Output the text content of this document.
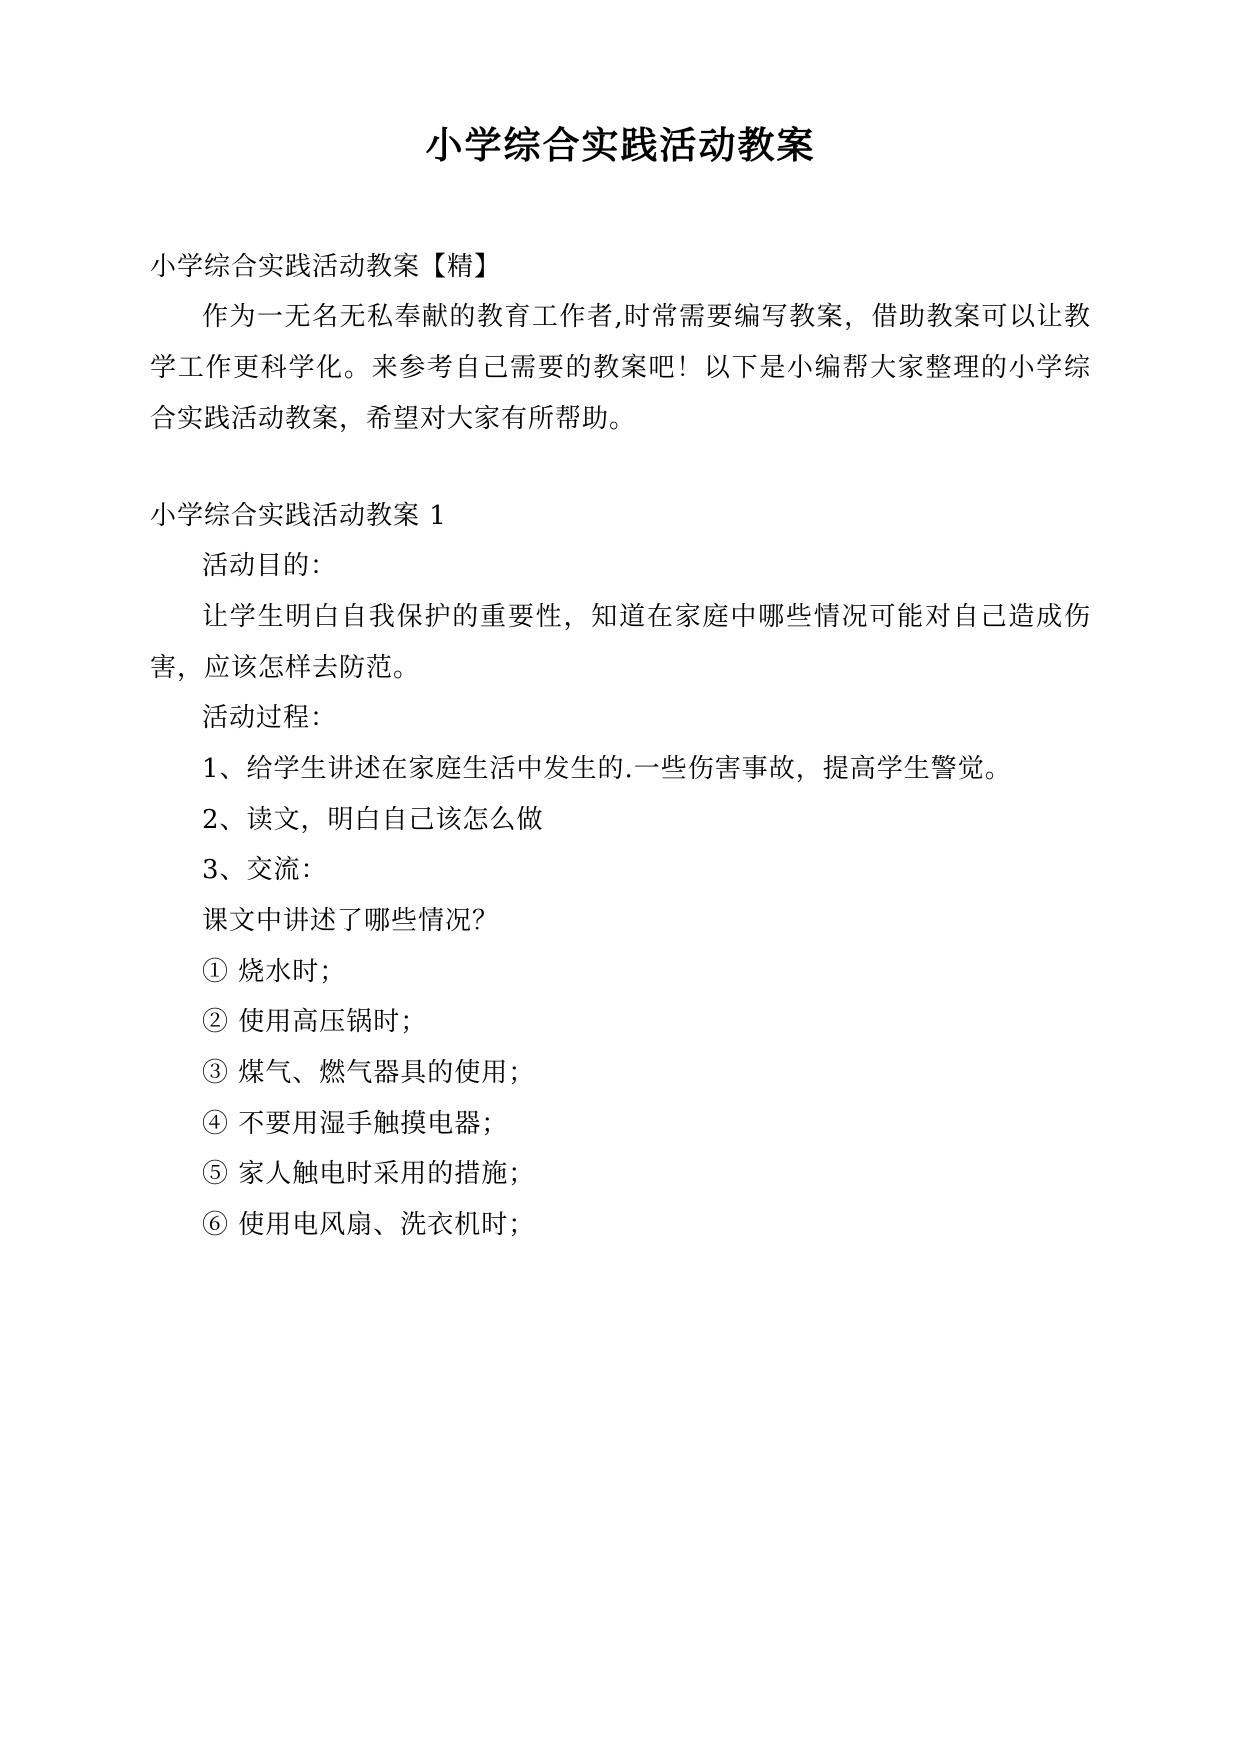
小学综合实践活动教案

小学综合实践活动教案【精】

作为一无名无私奉献的教育工作者,时常需要编写教案，借助教案可以让教学工作更科学化。来参考自己需要的教案吧！以下是小编帮大家整理的小学综合实践活动教案，希望对大家有所帮助。

小学综合实践活动教案 1

活动目的：

让学生明白自我保护的重要性，知道在家庭中哪些情况可能对自己造成伤害，应该怎样去防范。

活动过程：

1、给学生讲述在家庭生活中发生的.一些伤害事故，提高学生警觉。

2、读文，明白自己该怎么做

3、交流：

课文中讲述了哪些情况？

① 烧水时；

② 使用高压锅时；

③ 煤气、燃气器具的使用；

④ 不要用湿手触摸电器；

⑤ 家人触电时采用的措施；

⑥ 使用电风扇、洗衣机时；
